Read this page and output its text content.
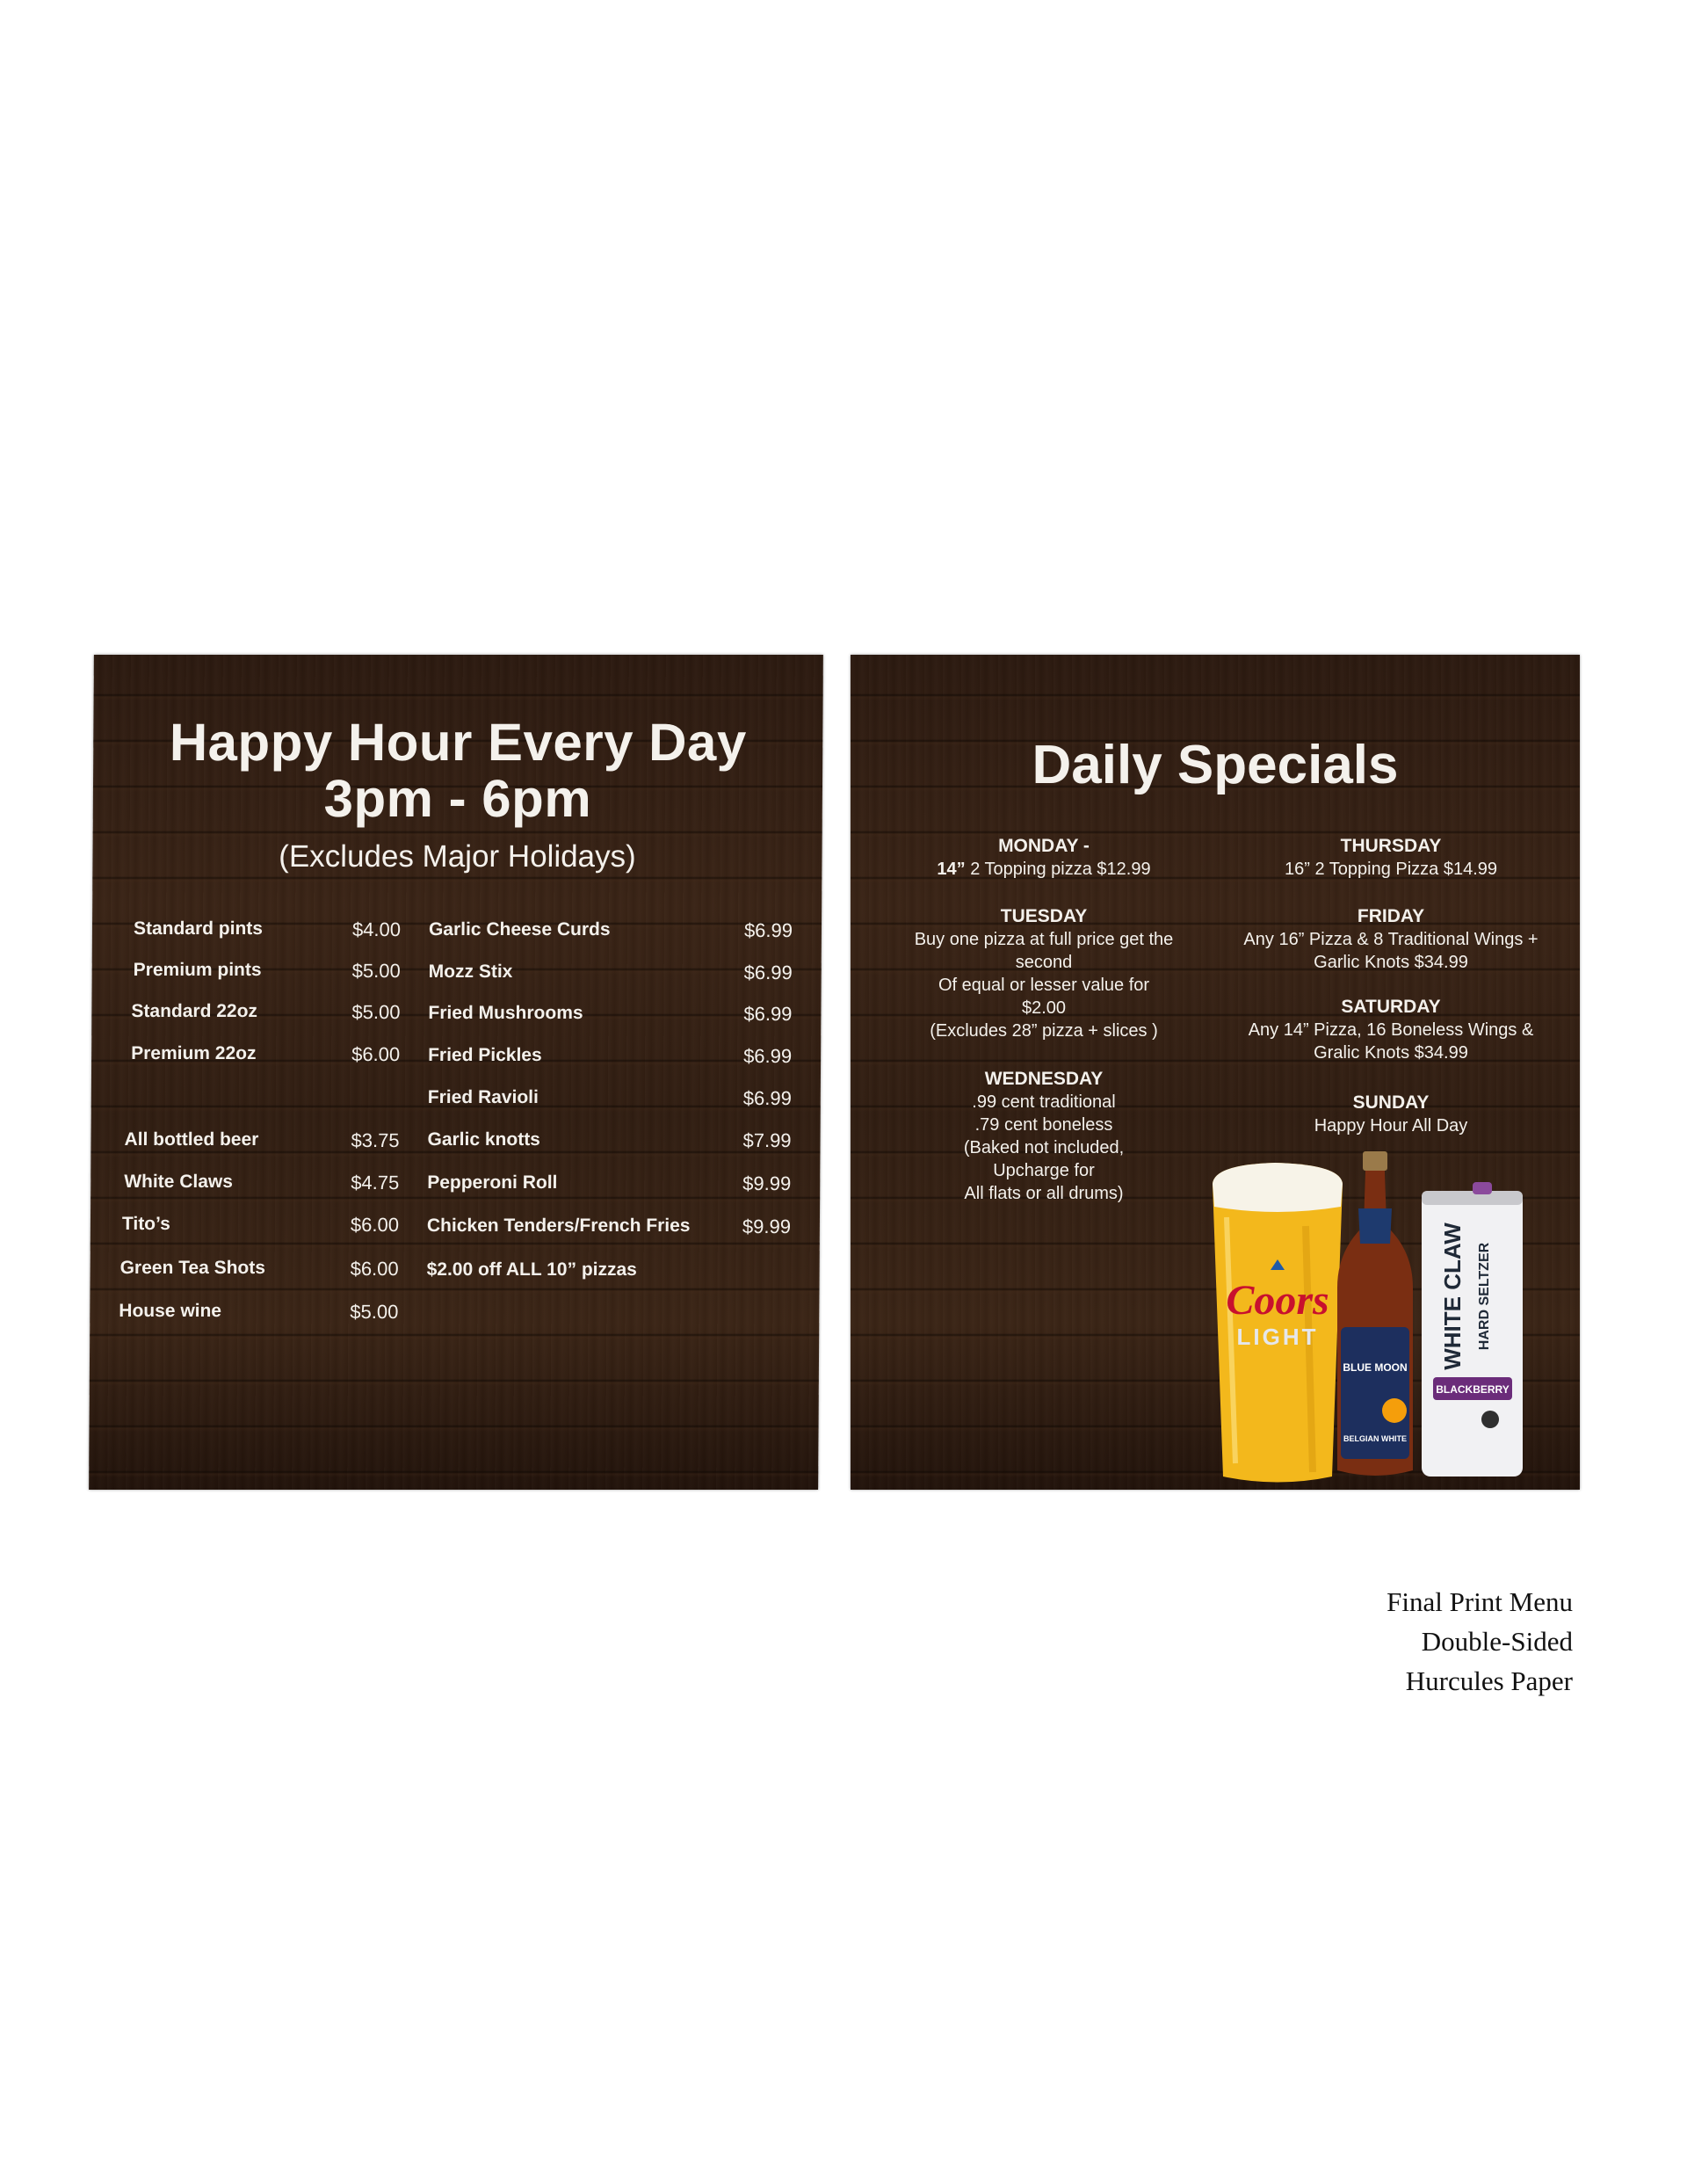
Happy Hour Every Day
3pm - 6pm
(Excludes Major Holidays)
Standard pints	$4.00
Premium pints	$5.00
Standard 22oz	$5.00
Premium 22oz	$6.00
All bottled beer	$3.75
White Claws	$4.75
Tito’s	$6.00
Green Tea Shots	$6.00
House wine	$5.00
Garlic Cheese Curds	$6.99
Mozz Stix	$6.99
Fried Mushrooms	$6.99
Fried Pickles	$6.99
Fried Ravioli	$6.99
Garlic knotts	$7.99
Pepperoni Roll	$9.99
Chicken Tenders/French Fries	$9.99
$2.00 off ALL 10” pizzas
Daily Specials
MONDAY -
14” 2 Topping pizza $12.99
TUESDAY
Buy one pizza at full price get the
second
Of equal or lesser value for
$2.00
(Excludes 28” pizza + slices )
WEDNESDAY
.99 cent traditional
.79 cent boneless
(Baked not included,
Upcharge for
All flats or all drums)
THURSDAY
16” 2 Topping Pizza $14.99
FRIDAY
Any 16” Pizza & 8 Traditional Wings +
Garlic Knots $34.99
SATURDAY
Any 14” Pizza, 16 Boneless Wings &
Gralic Knots $34.99
SUNDAY
Happy Hour All Day
Coors
LIGHT
BLUE MOON
BELGIAN WHITE
WHITE CLAW HARD SELTZER
BLACKBERRY
Final Print Menu
Double-Sided
Hurcules Paper
